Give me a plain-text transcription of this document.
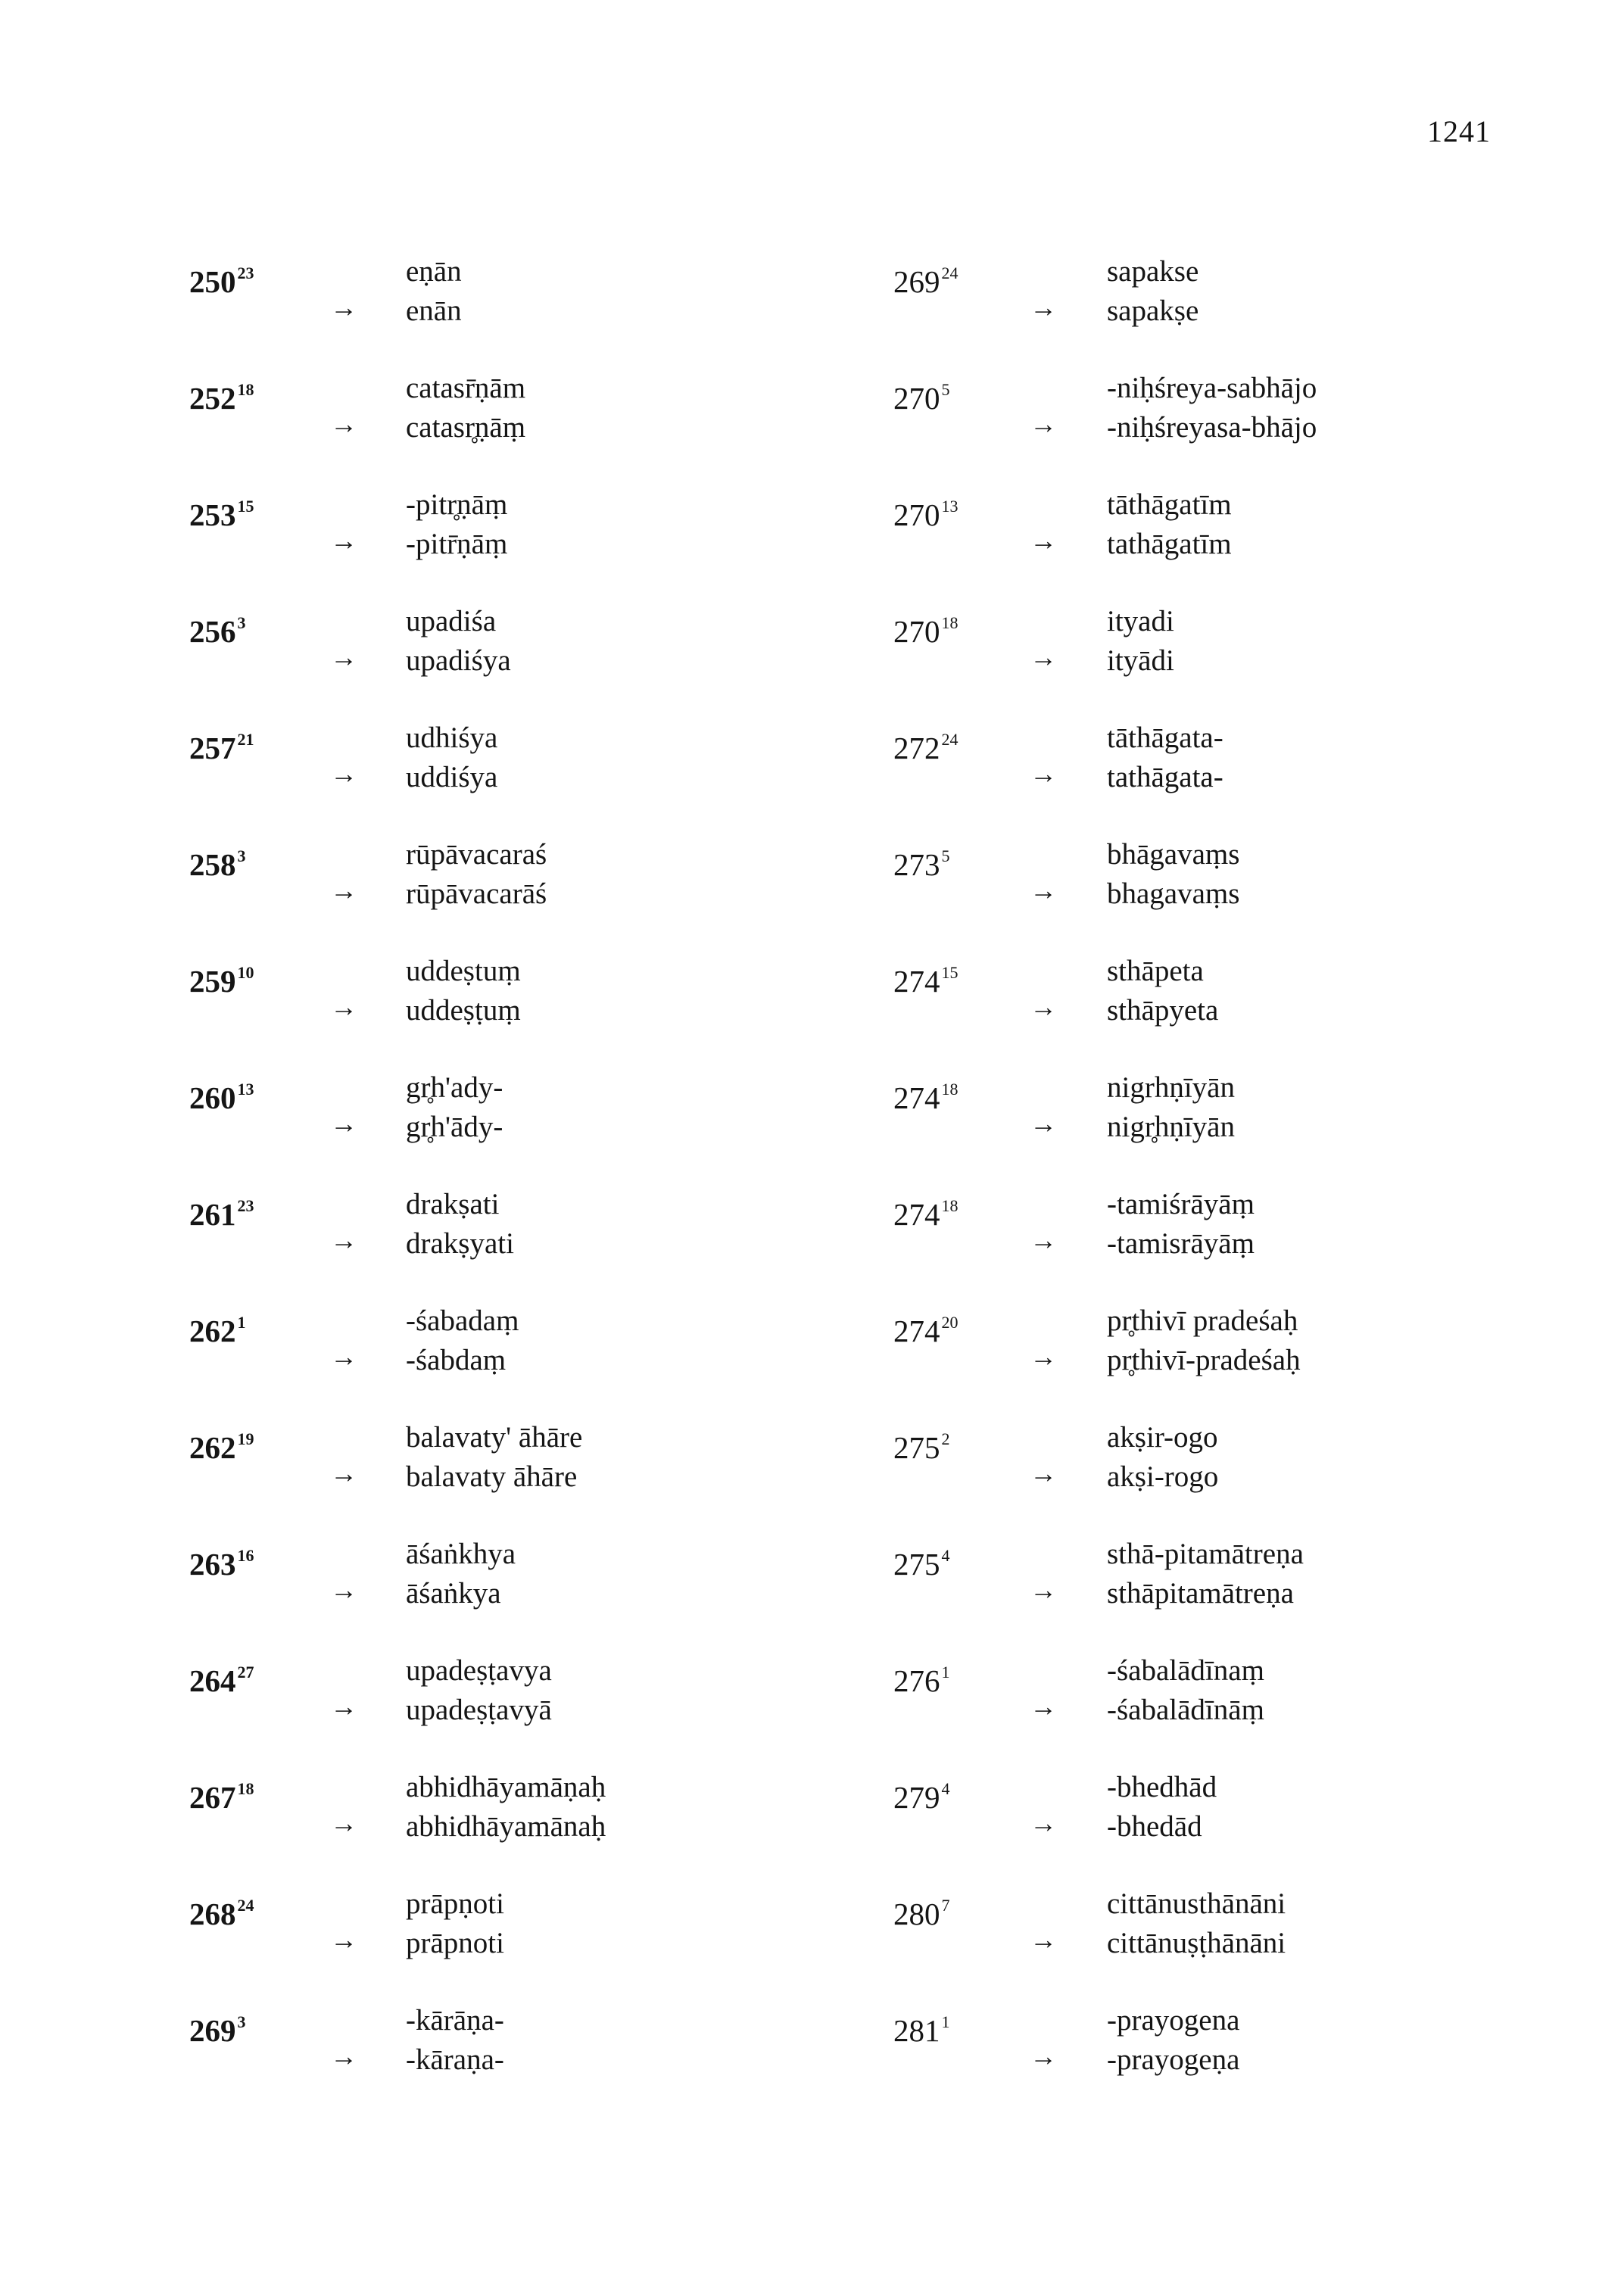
1241
$250^{23}$	eṇān
→ enān
$252^{18}$	catasr̄ṇām
→ catasr̥ṇāṃ
$253^{15}$	-pitr̥ṇāṃ
→ -pitr̄ṇāṃ
$256^3$	upadiśa
→ upadiśya
$257^{21}$	udhiśya
→ uddiśya
$258^3$	rūpāvacaraś
→ rūpāvacarāś
$259^{10}$	uddeṣtuṃ
→ uddeṣṭuṃ
$260^{13}$	gr̥h'ady-
→ gr̥h'ādy-
$261^{23}$	drakṣati
→ drakṣyati
$262^1$	-śabadaṃ
→ -śabdaṃ
$262^{19}$	balavaty' āhāre
→ balavaty āhāre
$263^{16}$	āśaṅkhya
→ āśaṅkya
$264^{27}$	upadeṣṭavya
→ upadeṣṭavyā
$267^{18}$	abhidhāyamāṇaḥ
→ abhidhāyamānaḥ
$268^{24}$	prāpṇoti
→ prāpnoti
$269^3$	-kārāṇa-
→ -kāraṇa-
$269^{24}$	sapakse
→ sapakṣe
$270^5$	-niḥśreya-sabhājo
→ -niḥśreyasa-bhājo
$270^{13}$	tāthāgatīm
→ tathāgatīm
$270^{18}$	ityadi
→ ityādi
$272^{24}$	tāthāgata-
→ tathāgata-
$273^5$	bhāgavaṃs
→ bhagavaṃs
$274^{15}$	sthāpeta
→ sthāpyeta
$274^{18}$	nigrhṇīyān
→ nigr̥hṇīyān
$274^{18}$	-tamiśrāyāṃ
→ -tamisrāyāṃ
$274^{20}$	pr̥thivī pradeśaḥ
→ pr̥thivī-pradeśaḥ
$275^2$	akṣir-ogo
→ akṣi-rogo
$275^4$	sthā-pitamātreṇa
→ sthāpitamātreṇa
$276^1$	-śabalādīnaṃ
→ -śabalādīnāṃ
$279^4$	-bhedhād
→ -bhedād
$280^7$	cittānusthānāni
→ cittānuṣṭhānāni
$281^1$	-prayogena
→ -prayogeṇa
